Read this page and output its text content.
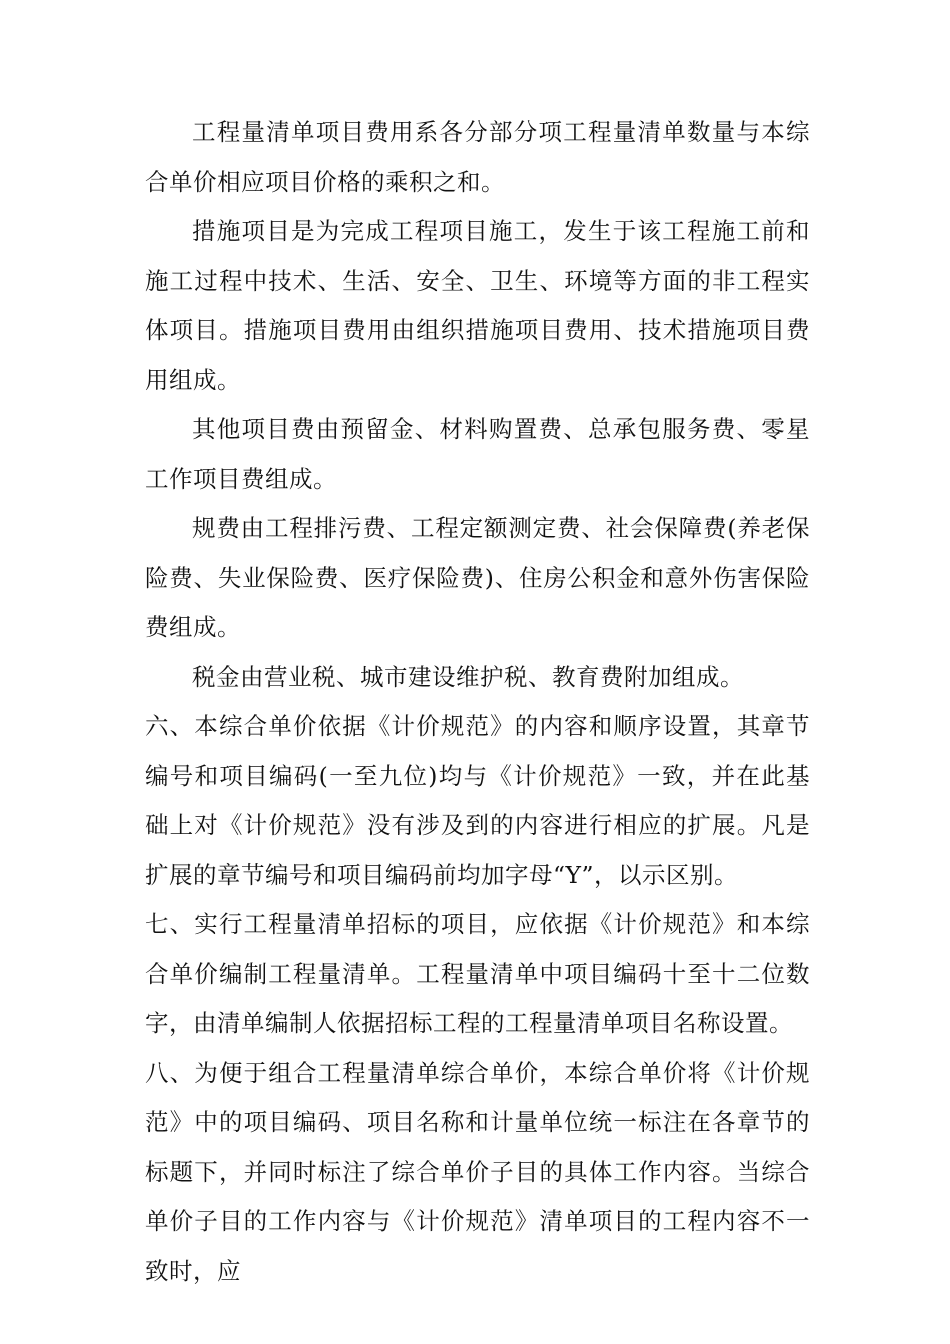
工程量清单项目费用系各分部分项工程量清单数量与本综合单价相应项目价格的乘积之和。

措施项目是为完成工程项目施工，发生于该工程施工前和施工过程中技术、生活、安全、卫生、环境等方面的非工程实体项目。措施项目费用由组织措施项目费用、技术措施项目费用组成。

其他项目费由预留金、材料购置费、总承包服务费、零星工作项目费组成。

规费由工程排污费、工程定额测定费、社会保障费(养老保险费、失业保险费、医疗保险费)、住房公积金和意外伤害保险费组成。

税金由营业税、城市建设维护税、教育费附加组成。

六、本综合单价依据《计价规范》的内容和顺序设置，其章节编号和项目编码(一至九位)均与《计价规范》一致，并在此基础上对《计价规范》没有涉及到的内容进行相应的扩展。凡是扩展的章节编号和项目编码前均加字母“Y”，以示区别。

七、实行工程量清单招标的项目，应依据《计价规范》和本综合单价编制工程量清单。工程量清单中项目编码十至十二位数字，由清单编制人依据招标工程的工程量清单项目名称设置。

八、为便于组合工程量清单综合单价，本综合单价将《计价规范》中的项目编码、项目名称和计量单位统一标注在各章节的标题下，并同时标注了综合单价子目的具体工作内容。当综合单价子目的工作内容与《计价规范》清单项目的工程内容不一致时，应
